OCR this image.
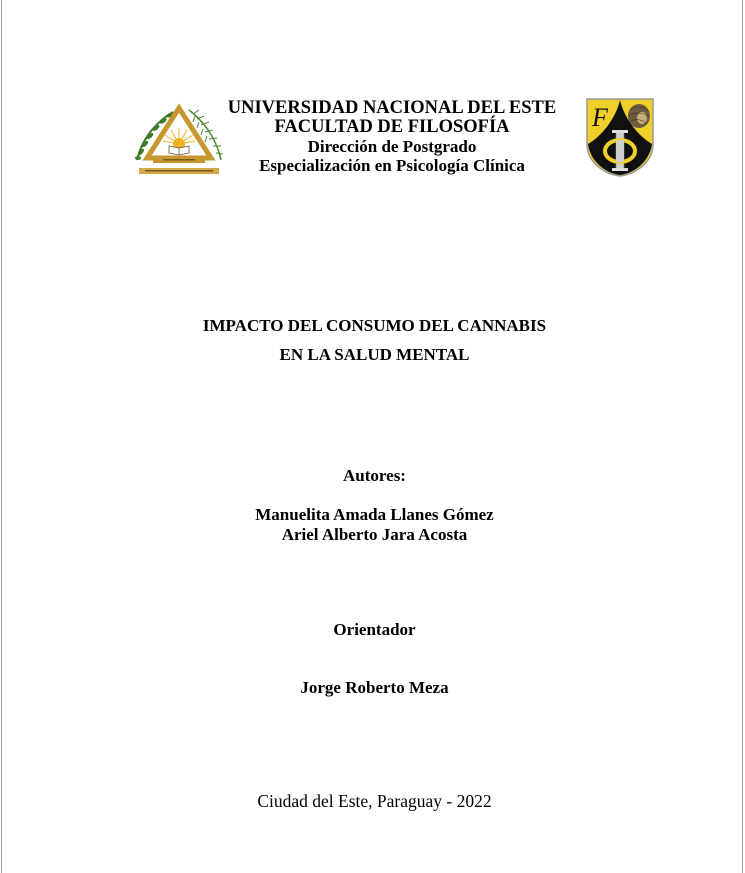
UNIVERSIDAD NACIONAL DEL ESTE
FACULTAD DE FILOSOFÍA
Dirección de Postgrado
Especialización en Psicología Clínica
F
IMPACTO DEL CONSUMO DEL CANNABIS
EN LA SALUD MENTAL
Autores:
Manuelita Amada Llanes Gómez
Ariel Alberto Jara Acosta
Orientador
Jorge Roberto Meza
Ciudad del Este, Paraguay - 2022
